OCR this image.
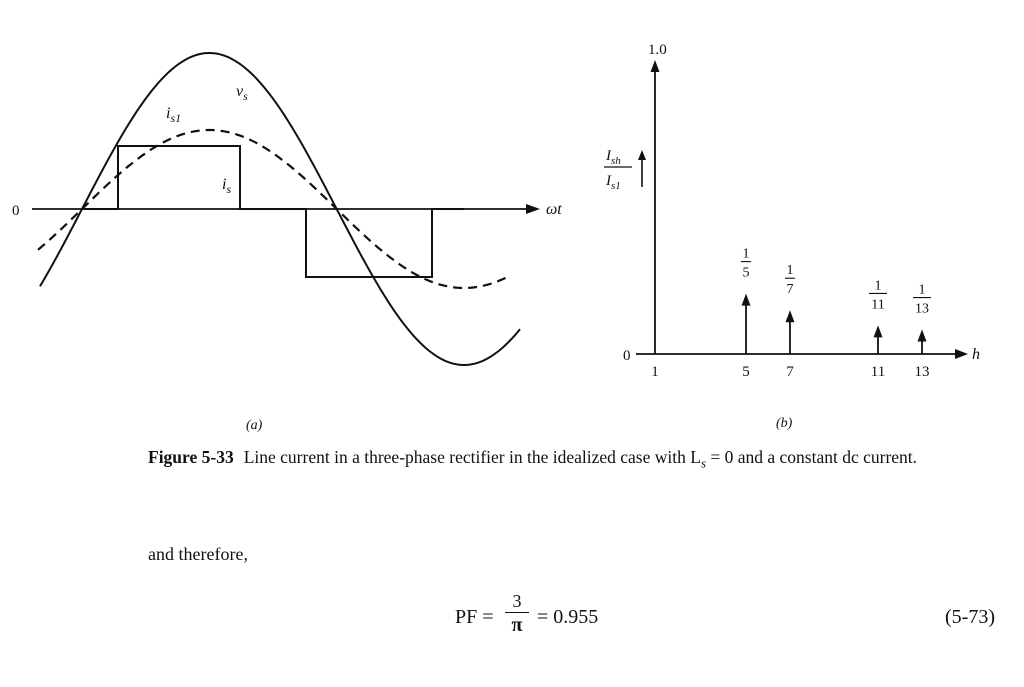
0	ωt
$v_s$
$i_{s1}$
$i_s$
(a)
1.0
0	h
$I_{sh}$
$I_{s1}$
1	5
1
5
7
1
7
11
1
11
13
1
13
(b)
Figure 5-33 Line current in a three-phase rectifier in the idealized case with $L_s = 0$ and a constant dc current.
and therefore,
PF =
3
π = 0.955	(5-73)
